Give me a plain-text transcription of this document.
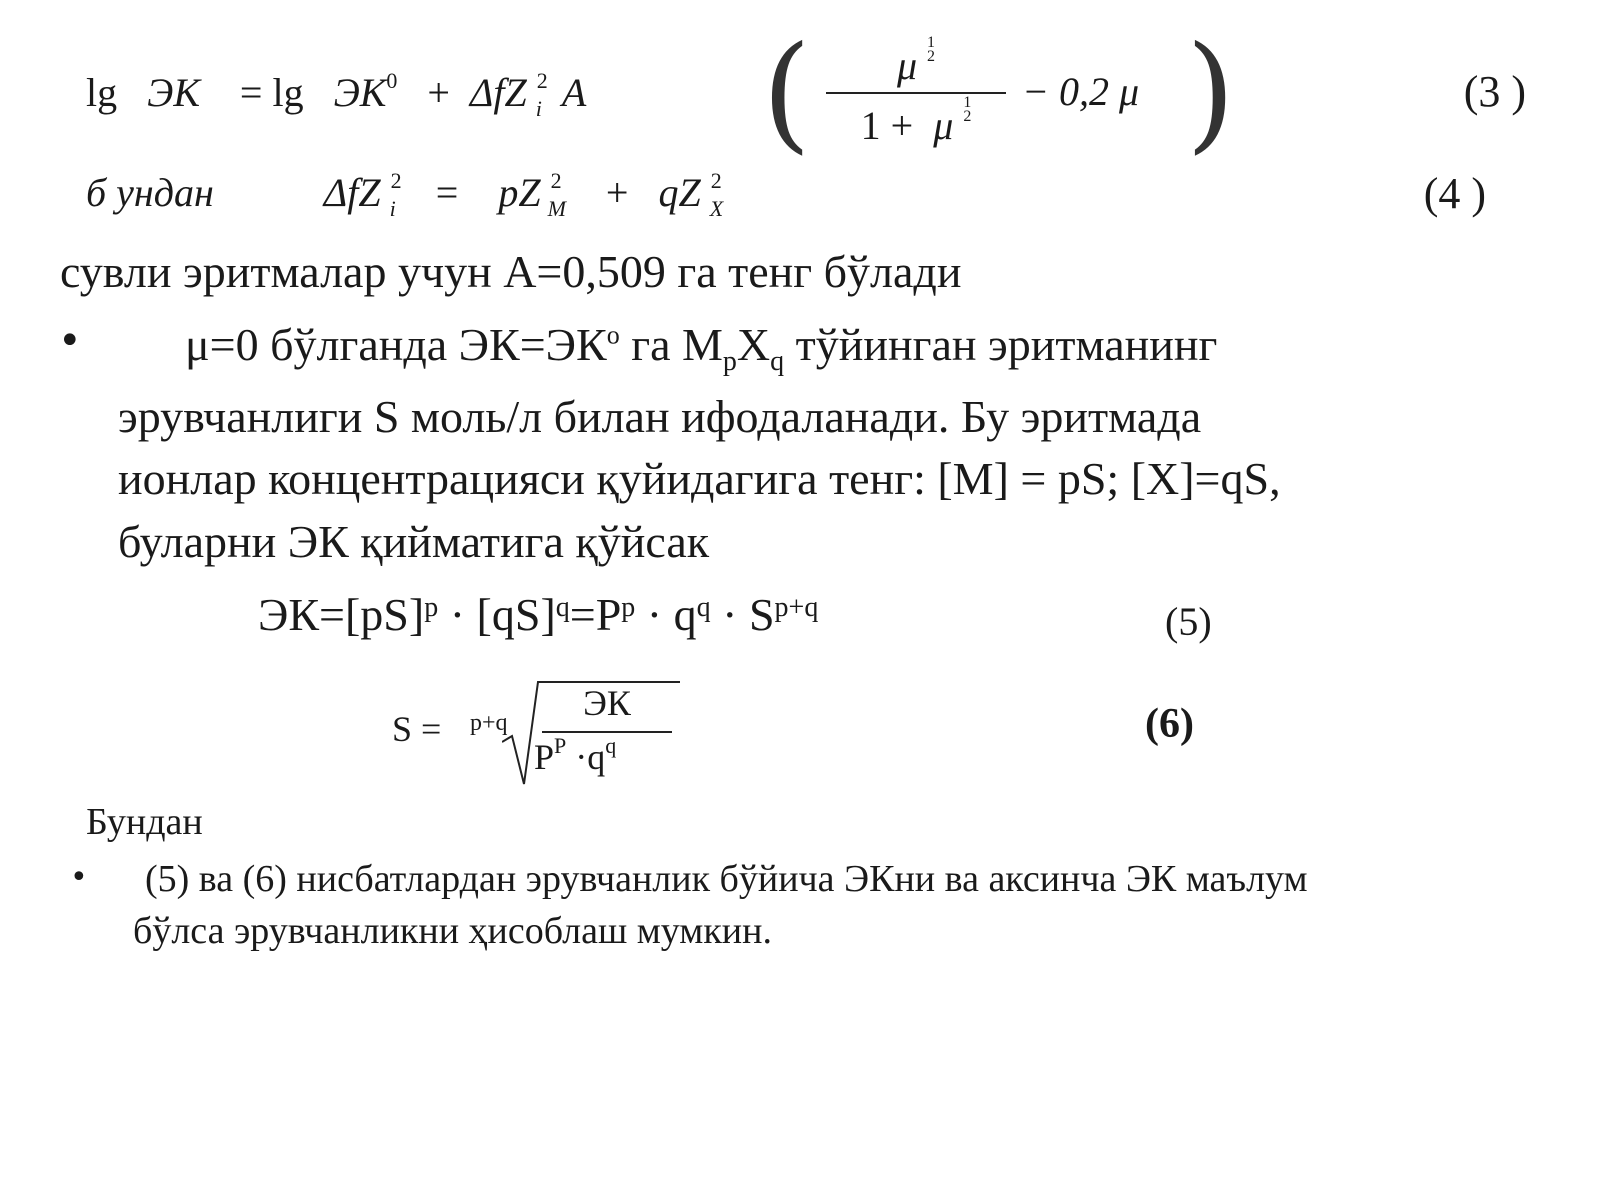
lg ЭК = $\lg ЭК^0 + \Delta fZ$ $^2_i$ A (	μ
1
2
1 + μ
1
2
− 0,2 μ )	(3 )
б ундан	ΔfZ $^2_i$ = pZ $^2_M$ + qZ $^2_X$	(4 )
сувли эритмалар учун А=0,509 га тенг бўлади
• μ=0 бўлганда $ЭК=ЭК^o$ га $M_pX_q$ тўйинган эритманинг
эрувчанлиги S моль/л билан ифодаланади. Бу эритмада
ионлар концентрацияси қуйидагига тенг: [M] = pS; [X]=qS,
буларни ЭК қийматига қўйсак
$ЭК=[pS]^p \cdot [qS]^q=P^p \cdot q^q \cdot S^{p+q}$	(5)
S = p+q	ЭК
$P^P \cdot q^q$	(6)
Бундан
• (5) ва (6) нисбатлардан эрувчанлик бўйича ЭКни ва аксинча ЭК маълум
бўлса эрувчанликни ҳисоблаш мумкин.
